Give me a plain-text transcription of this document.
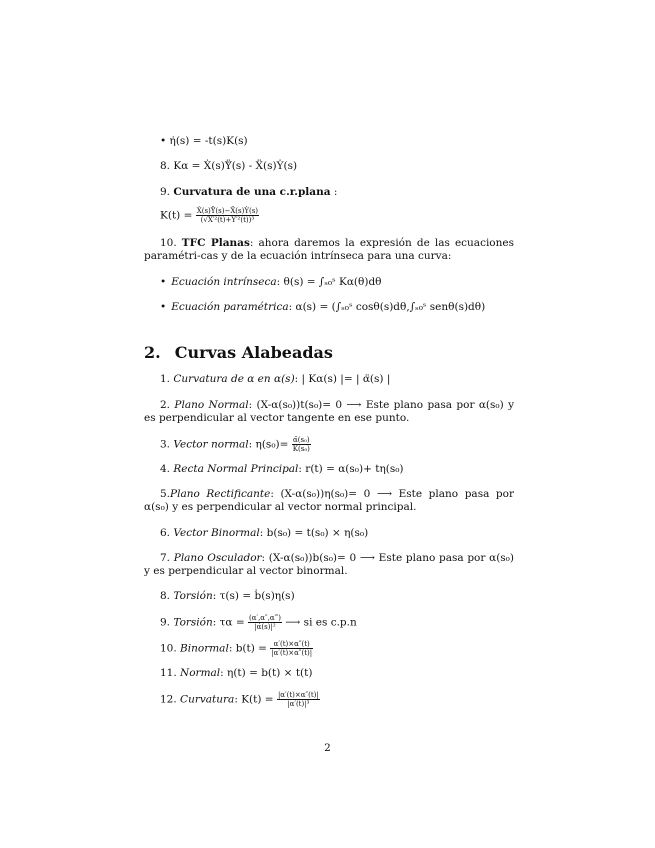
• η̇(s) = -t(s)K(s)
8. Kα = Ẋ(s)Ÿ̈(s) - Ẍ(s)Ẏ(s)
9. Curvatura de una c.r.plana :
$K(t) = \frac{\text{Ẋ(s)Ÿ̈(s)−Ẍ(s)Ẏ(s)}}{\text{(√X′²(t)+Y′²(t))³}}$
10. TFC Planas: ahora daremos la expresión de las ecuaciones paramétri-cas y de la ecuación intrínseca para una curva:
• Ecuación intrínseca: θ(s) = ∫ₛ₀ˢ Kα(θ)dθ
• Ecuación paramétrica: α(s) = (∫ₛ₀ˢ cosθ(s)dθ,∫ₛ₀ˢ senθ(s)dθ)
2. Curvas Alabeadas
1. Curvatura de α en α(s): | Kα(s) |= | α̈(s) |
2. Plano Normal: (X-α(s₀))t(s₀)= 0 ⟶ Este plano pasa por α(s₀) y es perpendicular al vector tangente en ese punto.
3. Vector normal: $\eta(s_0)= \frac{\text{α̈(s₀)}}{\text{K(s₀)}}$
4. Recta Normal Principal: r(t) = α(s₀)+ tη(s₀)
5.Plano Rectificante: (X-α(s₀))η(s₀)= 0 ⟶ Este plano pasa por α(s₀) y es perpendicular al vector normal principal.
6. Vector Binormal: b(s₀) = t(s₀) × η(s₀)
7. Plano Osculador: (X-α(s₀))b(s₀)= 0 ⟶ Este plano pasa por α(s₀) y es perpendicular al vector binormal.
8. Torsión: τ(s) = ḃ(s)η(s)
9. Torsión: $\tau\alpha = \frac{(\alpha',\alpha'',\alpha‴)}{\text{|α̇(s)|²}}$ ⟶ si es c.p.n
10. Binormal: $b(t) = \frac{\alpha'(t)\times\alpha''(t)}{|\alpha'(t)\times\alpha''(t)|}$
11. Normal: η(t) = b(t) × t(t)
12. Curvatura: $K(t) = \frac{|\alpha'(t)\times\alpha''(t)|}{\text{|α′(t)|³}}$
2
